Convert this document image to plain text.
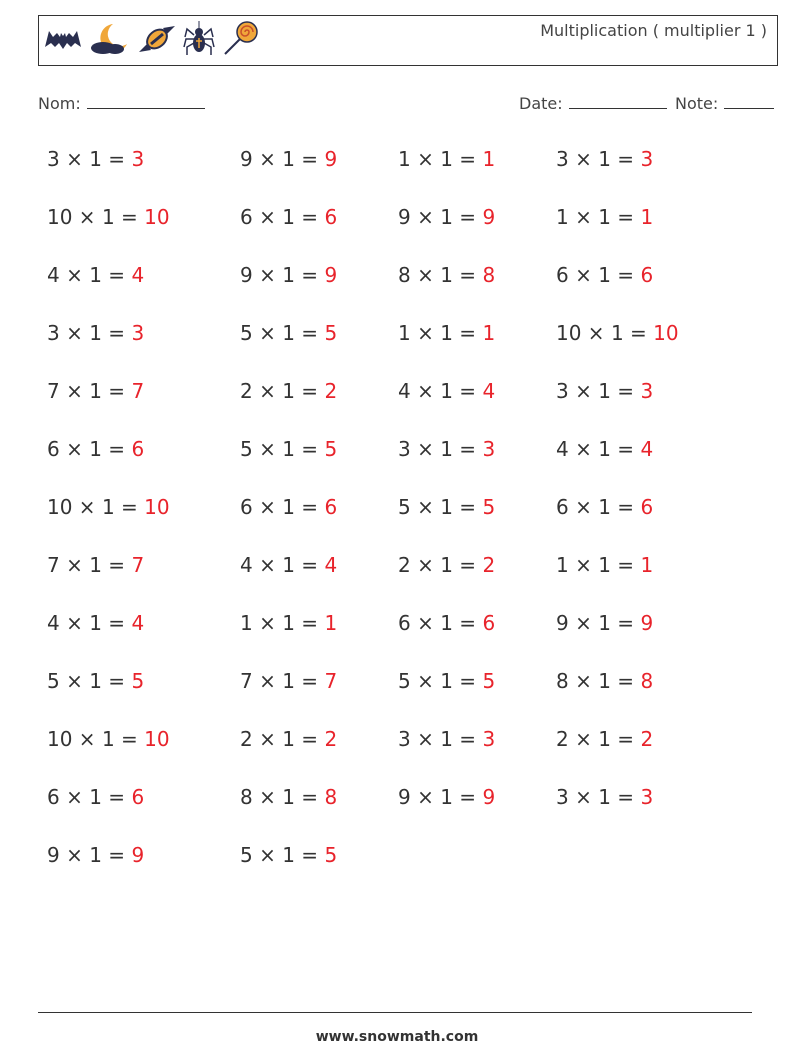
Multiplication ( multiplier 1 )
Nom:	Date:	Note:
3 × 1 = 3
10 × 1 = 10
4 × 1 = 4
3 × 1 = 3
7 × 1 = 7
6 × 1 = 6
10 × 1 = 10
7 × 1 = 7
4 × 1 = 4
5 × 1 = 5
10 × 1 = 10
6 × 1 = 6
9 × 1 = 9
9 × 1 = 9
6 × 1 = 6
9 × 1 = 9
5 × 1 = 5
2 × 1 = 2
5 × 1 = 5
6 × 1 = 6
4 × 1 = 4
1 × 1 = 1
7 × 1 = 7
2 × 1 = 2
8 × 1 = 8
5 × 1 = 5
1 × 1 = 1
9 × 1 = 9
8 × 1 = 8
1 × 1 = 1
4 × 1 = 4
3 × 1 = 3
5 × 1 = 5
2 × 1 = 2
6 × 1 = 6
5 × 1 = 5
3 × 1 = 3
9 × 1 = 9
3 × 1 = 3
1 × 1 = 1
6 × 1 = 6
10 × 1 = 10
3 × 1 = 3
4 × 1 = 4
6 × 1 = 6
1 × 1 = 1
9 × 1 = 9
8 × 1 = 8
2 × 1 = 2
3 × 1 = 3
www.snowmath.com
